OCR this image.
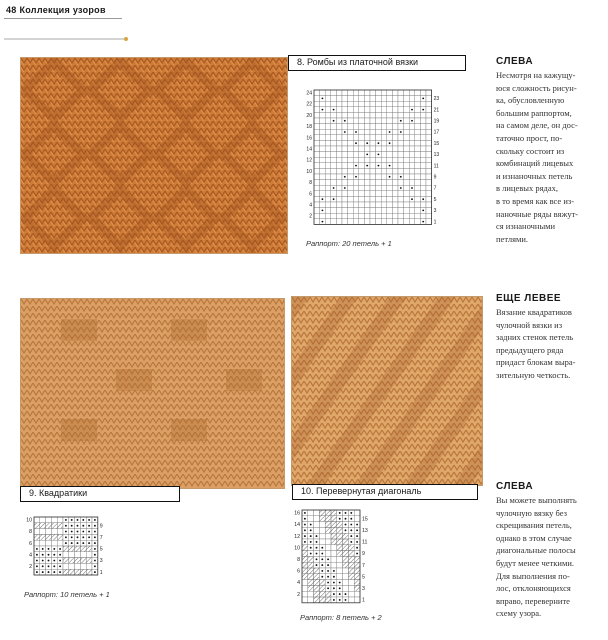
48 Коллекция узоров
8. Ромбы из платочной вязки
24
22
20
18
16
14
12
10
8
6
4
2
23
21
19
17
15
13
11
9
7
5
3
1
Раппорт: 20 петель + 1
СЛЕВА

Несмотря на кажущу-
юся сложность рисун-
ка, обусловленную
большим раппортом,
на самом деле, он дос-
таточно прост, по-
скольку состоит из
комбинаций лицевых
и изнаночных петель
в лицевых рядах,
в то время как все из-
наночные ряды вяжут-
ся изнаночными
петлями.

9. Квадратики
10
8
6
4
2
9
7
5
3
1
Раппорт: 10 петель + 1
10. Перевернутая диагональ
16
14
12
10
8
6
4
2
15
13
11
9
7
5
3
1
Раппорт: 8 петель + 2
ЕЩЕ ЛЕВЕЕ

Вязание квадратиков
чулочной вязки из
задних стенок петель
предыдущего ряда
придаст блокам выра-
зительную четкость.

СЛЕВА

Вы можете выполнять
чулочную вязку без
скрещивания петель,
однако в этом случае
диагональные полосы
будут менее четкими.
Для выполнения по-
лос, отклоняющихся
вправо, переверните
схему узора.
